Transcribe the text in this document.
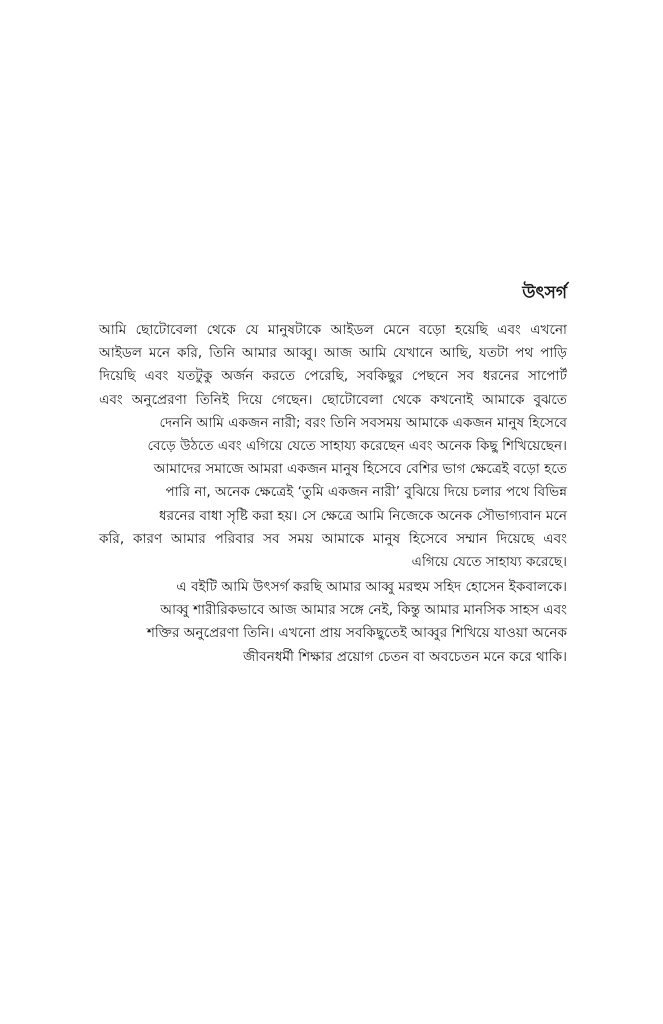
উৎসর্গ
আমি ছোটোবেলা থেকে যে মানুষটাকে আইডল মেনে বড়ো হয়েছি এবং এখনো
আইডল মনে করি, তিনি আমার আব্বু। আজ আমি যেখানে আছি, যতটা পথ পাড়ি
দিয়েছি এবং যতটুকু অর্জন করতে পেরেছি, সবকিছুর পেছনে সব ধরনের সাপোর্ট
এবং অনুপ্রেরণা তিনিই দিয়ে গেছেন। ছোটোবেলা থেকে কখনোই আমাকে বুঝতে
দেননি আমি একজন নারী; বরং তিনি সবসময় আমাকে একজন মানুষ হিসেবে
বেড়ে উঠতে এবং এগিয়ে যেতে সাহায্য করেছেন এবং অনেক কিছু শিখিয়েছেন।
আমাদের সমাজে আমরা একজন মানুষ হিসেবে বেশির ভাগ ক্ষেত্রেই বড়ো হতে
পারি না, অনেক ক্ষেত্রেই ‘তুমি একজন নারী’ বুঝিয়ে দিয়ে চলার পথে বিভিন্ন
ধরনের বাধা সৃষ্টি করা হয়। সে ক্ষেত্রে আমি নিজেকে অনেক সৌভাগ্যবান মনে
করি, কারণ আমার পরিবার সব সময় আমাকে মানুষ হিসেবে সম্মান দিয়েছে এবং
এগিয়ে যেতে সাহায্য করেছে।
এ বইটি আমি উৎসর্গ করছি আমার আব্বু মরহুম সহিদ হোসেন ইকবালকে।
আব্বু শারীরিকভাবে আজ আমার সঙ্গে নেই, কিন্তু আমার মানসিক সাহস এবং
শক্তির অনুপ্রেরণা তিনি। এখনো প্রায় সবকিছুতেই আব্বুর শিখিয়ে যাওয়া অনেক
জীবনধর্মী শিক্ষার প্রয়োগ চেতন বা অবচেতন মনে করে থাকি।
